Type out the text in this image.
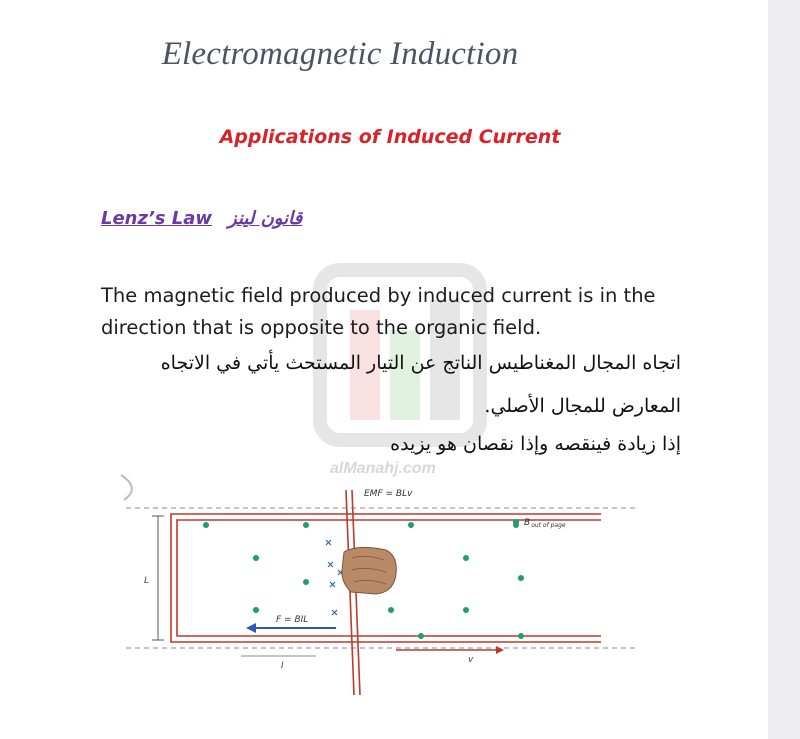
alManahj.com
Electromagnetic Induction
Applications of Induced Current
Lenz’s Law قانون لينز
The magnetic field produced by induced current is in the direction that is opposite to the organic field.
اتجاه المجال المغناطيس الناتج عن التيار المستحث يأتي في الاتجاه
المعارض للمجال الأصلي.
إذا زيادة فينقصه وإذا نقصان هو يزيده
L
F = BIL
I
v
EMF = BLv
$B_{out of page}$
